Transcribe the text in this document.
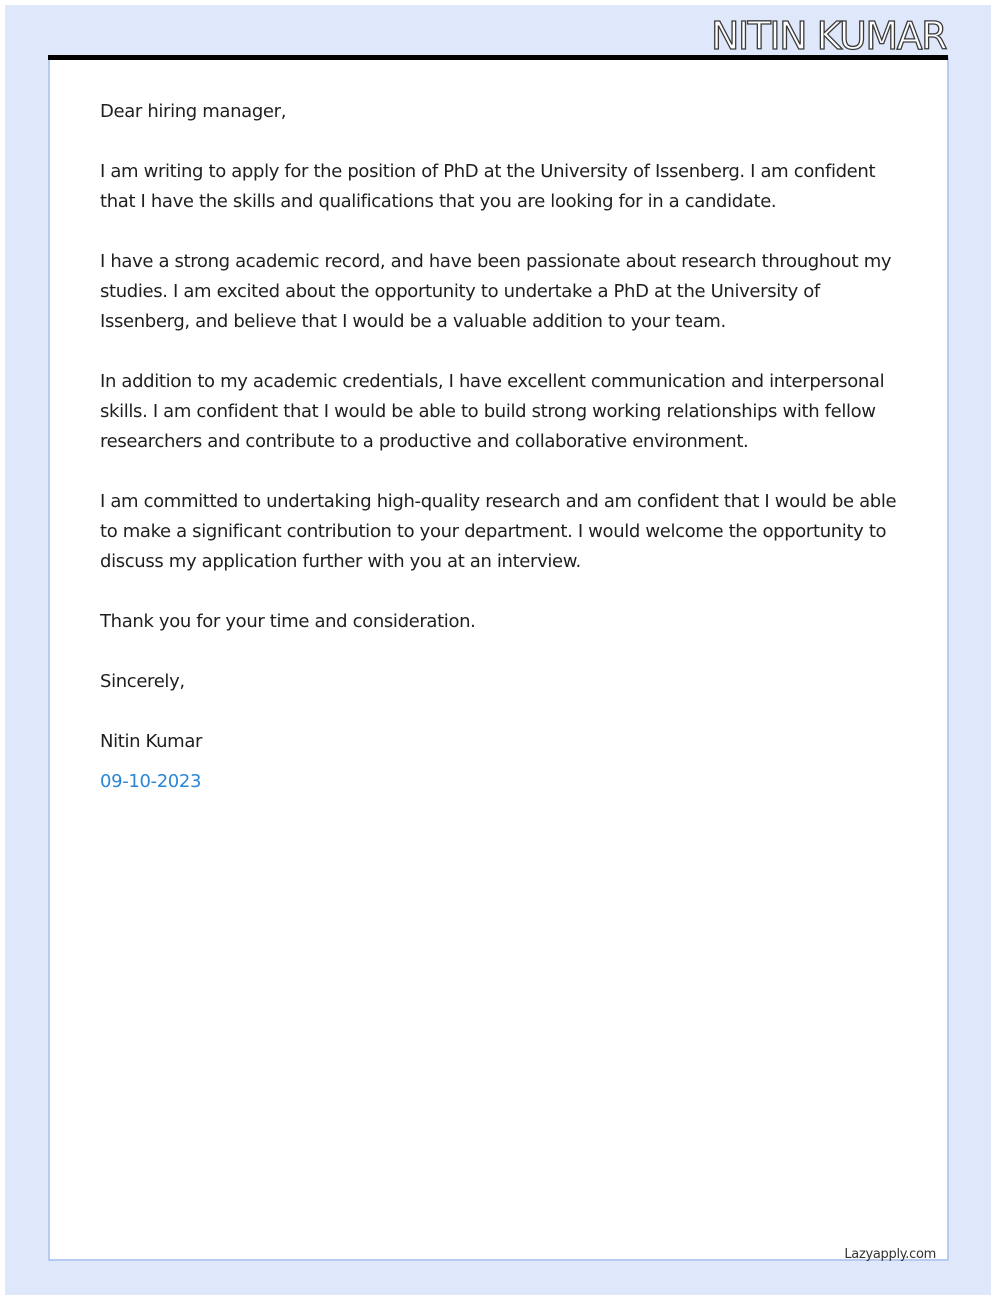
NITIN KUMAR

Dear hiring manager,

I am writing to apply for the position of PhD at the University of Issenberg. I am confident that I have the skills and qualifications that you are looking for in a candidate.

I have a strong academic record, and have been passionate about research throughout my studies. I am excited about the opportunity to undertake a PhD at the University of Issenberg, and believe that I would be a valuable addition to your team.

In addition to my academic credentials, I have excellent communication and interpersonal skills. I am confident that I would be able to build strong working relationships with fellow researchers and contribute to a productive and collaborative environment.

I am committed to undertaking high-quality research and am confident that I would be able to make a significant contribution to your department. I would welcome the opportunity to discuss my application further with you at an interview.

Thank you for your time and consideration.

Sincerely,

Nitin Kumar

09-10-2023

Lazyapply.com
